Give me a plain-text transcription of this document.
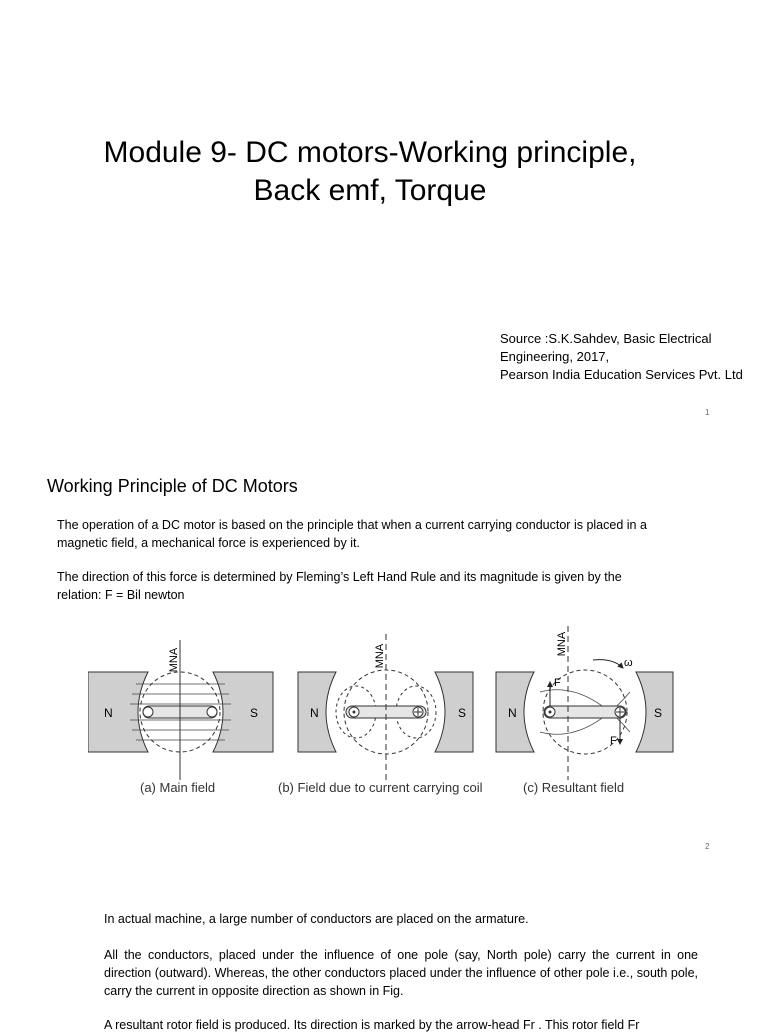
Module 9- DC motors-Working principle,
Back emf, Torque
Source :S.K.Sahdev, Basic Electrical
Engineering, 2017,
Pearson India Education Services Pvt. Ltd
1
Working Principle of DC Motors

The operation of a DC motor is based on the principle that when a current carrying conductor is placed in a magnetic field, a mechanical force is experienced by it.

The direction of this force is determined by Fleming’s Left Hand Rule and its magnitude is given by the relation: F = Bil newton

MNA
N	S
MNA
N	S
MNA
F
F
ω
N	S
(a) Main field	(b) Field due to current carrying coil	(c) Resultant field
2

In actual machine, a large number of conductors are placed on the armature.

All the conductors, placed under the influence of one pole (say, North pole) carry the current in one direction (outward). Whereas, the other conductors placed under the influence of other pole i.e., south pole, carry the current in opposite direction as shown in Fig.

A resultant rotor field is produced. Its direction is marked by the arrow-head Fr . This rotor field Fr
